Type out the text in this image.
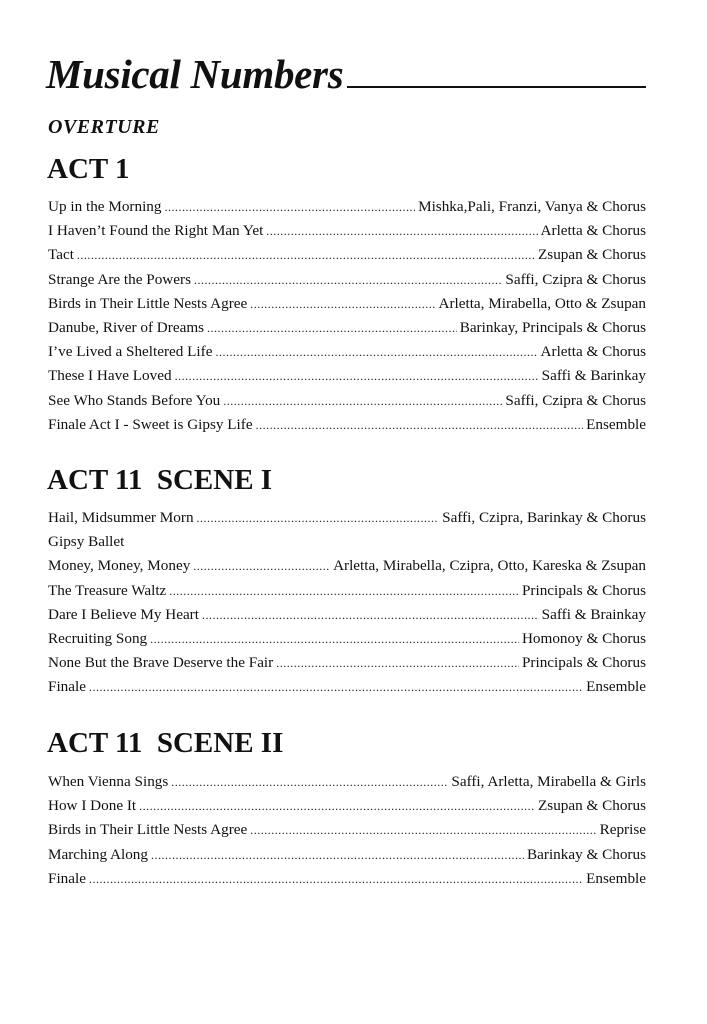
Musical Numbers
OVERTURE
ACT 1
Up in the Morning .....	Mishka,Pali, Franzi, Vanya & Chorus
I Haven’t Found the Right Man Yet .....	Arletta & Chorus
Tact .....	Zsupan & Chorus
Strange Are the Powers .....	Saffi, Czipra & Chorus
Birds in Their Little Nests Agree .....	Arletta, Mirabella, Otto & Zsupan
Danube, River of Dreams .....	Barinkay, Principals & Chorus
I’ve Lived a Sheltered Life .....	Arletta & Chorus
These I Have Loved .....	Saffi & Barinkay
See Who Stands Before You .....	Saffi, Czipra & Chorus
Finale Act I - Sweet is Gipsy Life .....	Ensemble
ACT 11  SCENE I
Hail, Midsummer Morn .....	Saffi, Czipra, Barinkay & Chorus
Gipsy Ballet
Money, Money, Money .....	Arletta, Mirabella, Czipra, Otto, Kareska & Zsupan
The Treasure Waltz .....	Principals & Chorus
Dare I Believe My Heart .....	Saffi & Brainkay
Recruiting Song .....	Homonoy & Chorus
None But the Brave Deserve the Fair .....	Principals & Chorus
Finale .....	Ensemble
ACT 11  SCENE II
When Vienna Sings .....	Saffi, Arletta, Mirabella & Girls
How I Done It .....	Zsupan & Chorus
Birds in Their Little Nests Agree .....	Reprise
Marching Along .....	Barinkay & Chorus
Finale .....	Ensemble
